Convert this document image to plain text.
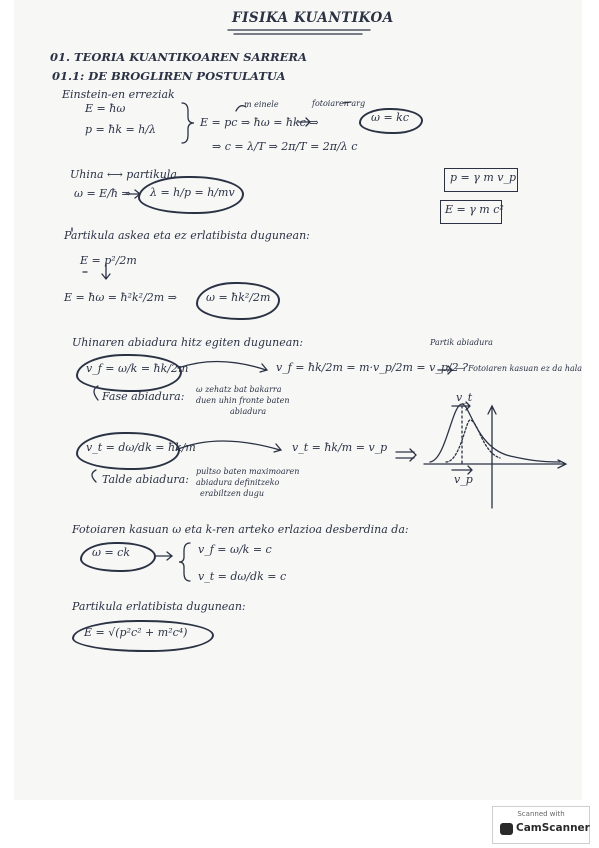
FISIKA KUANTIKOA
01. TEORIA KUANTIKOAREN SARRERA
01.1: DE BROGLIREN POSTULATUA
Einstein-en erreziak
E = ħω
p = ħk = h/λ
E = pc ⇒ ħω = ħkc ⇒	ω = kc
m einele	fotoiaren arg
⇒ c = λ/T ⇒ 2π/T = 2π/λ c
Uhina ⟷ partikula
ω = E/ħ ⇒ λ = h/p = h/mv
p = γ m v_p
E = γ m c²
Partikula askea eta ez erlatibista dugunean:
E = p²/2m
E = ħω = ħ²k²/2m ⇒	ω = ħk²/2m
Uhinaren abiadura hitz egiten dugunean:	Partik abiadura
v_f = ω/k = ħk/2m	v_f = ħk/2m = m·v_p/2m = v_p/2 ?
⟶ Fotoiaren kasuan ez da hala
Fase abiadura:
ω zehatz bat bakarra
duen uhin fronte baten
abiadura
v_t = dω/dk = ħk/m	v_t = ħk/m = v_p
Talde abiadura:
pultso baten maximoaren
abiadura definitzeko
erabiltzen dugu
v_t
v_p
Fotoiaren kasuan ω eta k-ren arteko erlazioa desberdina da:
ω = ck	v_f = ω/k = c
v_t = dω/dk = c
Partikula erlatibista dugunean:
E = √(p²c² + m²c⁴)
Scanned with
CamScanner
